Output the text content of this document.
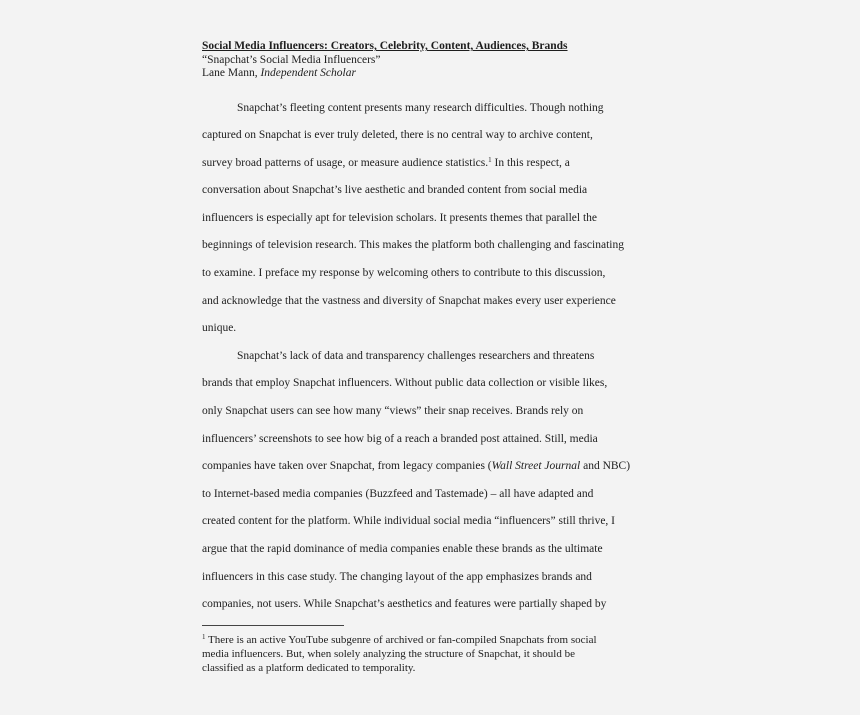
Social Media Influencers: Creators, Celebrity, Content, Audiences, Brands
“Snapchat’s Social Media Influencers”
Lane Mann, Independent Scholar
Snapchat’s fleeting content presents many research difficulties. Though nothing
captured on Snapchat is ever truly deleted, there is no central way to archive content,
survey broad patterns of usage, or measure audience statistics.$^1$ In this respect, a
conversation about Snapchat’s live aesthetic and branded content from social media
influencers is especially apt for television scholars. It presents themes that parallel the
beginnings of television research. This makes the platform both challenging and fascinating
to examine. I preface my response by welcoming others to contribute to this discussion,
and acknowledge that the vastness and diversity of Snapchat makes every user experience
unique.
Snapchat’s lack of data and transparency challenges researchers and threatens
brands that employ Snapchat influencers. Without public data collection or visible likes,
only Snapchat users can see how many “views” their snap receives. Brands rely on
influencers’ screenshots to see how big of a reach a branded post attained. Still, media
companies have taken over Snapchat, from legacy companies (Wall Street Journal and NBC)
to Internet-based media companies (Buzzfeed and Tastemade) – all have adapted and
created content for the platform. While individual social media “influencers” still thrive, I
argue that the rapid dominance of media companies enable these brands as the ultimate
influencers in this case study. The changing layout of the app emphasizes brands and
companies, not users. While Snapchat’s aesthetics and features were partially shaped by
$^1$ There is an active YouTube subgenre of archived or fan-compiled Snapchats from social
media influencers. But, when solely analyzing the structure of Snapchat, it should be
classified as a platform dedicated to temporality.
